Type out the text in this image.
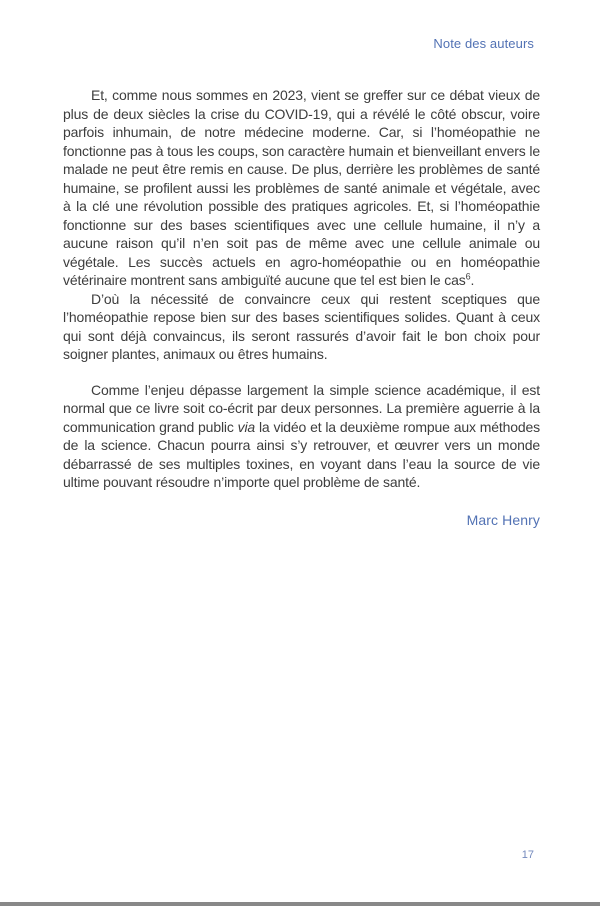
Note des auteurs

Et, comme nous sommes en 2023, vient se greffer sur ce débat vieux de plus de deux siècles la crise du COVID-19, qui a révélé le côté obscur, voire parfois inhumain, de notre médecine moderne. Car, si l’homéopathie ne fonctionne pas à tous les coups, son caractère humain et bienveillant envers le malade ne peut être remis en cause. De plus, derrière les problèmes de santé humaine, se profilent aussi les problèmes de santé animale et végétale, avec à la clé une révolution possible des pratiques agricoles. Et, si l’homéopathie fonctionne sur des bases scientifiques avec une cellule humaine, il n’y a aucune raison qu’il n’en soit pas de même avec une cellule animale ou végétale. Les succès actuels en agro-homéopathie ou en homéopathie vétérinaire montrent sans ambiguïté aucune que tel est bien le cas$^6$.

D’où la nécessité de convaincre ceux qui restent sceptiques que l’homéopathie repose bien sur des bases scientifiques solides. Quant à ceux qui sont déjà convaincus, ils seront rassurés d’avoir fait le bon choix pour soigner plantes, animaux ou êtres humains.

Comme l’enjeu dépasse largement la simple science académique, il est normal que ce livre soit co-écrit par deux personnes. La première aguerrie à la communication grand public via la vidéo et la deuxième rompue aux méthodes de la science. Chacun pourra ainsi s’y retrouver, et œuvrer vers un monde débarrassé de ses multiples toxines, en voyant dans l’eau la source de vie ultime pouvant résoudre n’importe quel problème de santé.

Marc Henry
17
